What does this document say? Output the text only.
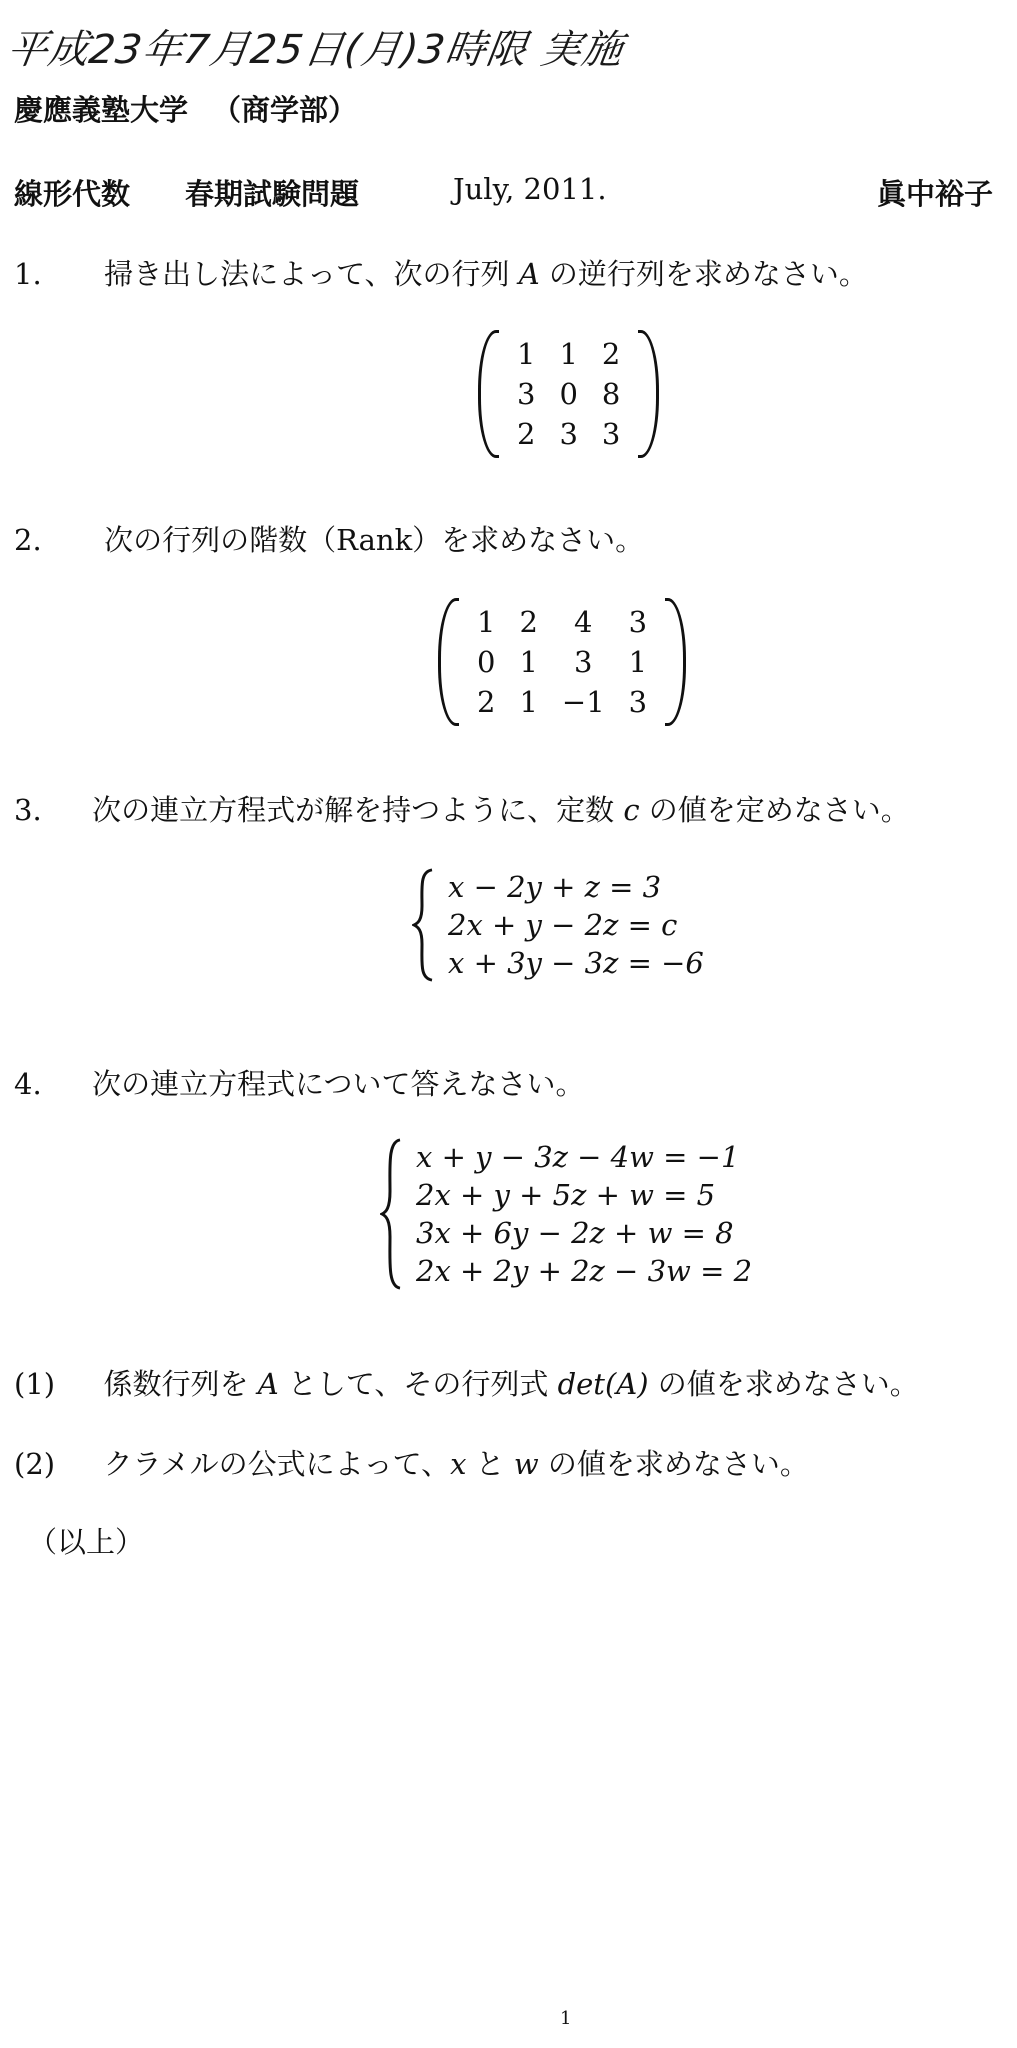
平成23年7月25日(月)3時限 実施
慶應義塾大学 （商学部）
線形代数 春期試験問題	July, 2011.	眞中裕子
1. 掃き出し法によって、次の行列 A の逆行列を求めなさい。
1	1	2
3	0	8
2	3	3
2. 次の行列の階数（Rank）を求めなさい。
1	2	4	3
0	1	3	1
2	1	−1	3
3. 次の連立方程式が解を持つように、定数 c の値を定めなさい。
x − 2y + z = 3
2x + y − 2z = c
x + 3y − 3z = −6
4. 次の連立方程式について答えなさい。
x + y − 3z − 4w = −1
2x + y + 5z + w = 5
3x + 6y − 2z + w = 8
2x + 2y + 2z − 3w = 2
(1) 係数行列を A として、その行列式 det(A) の値を求めなさい。
(2) クラメルの公式によって、x と w の値を求めなさい。
（以上）
1
